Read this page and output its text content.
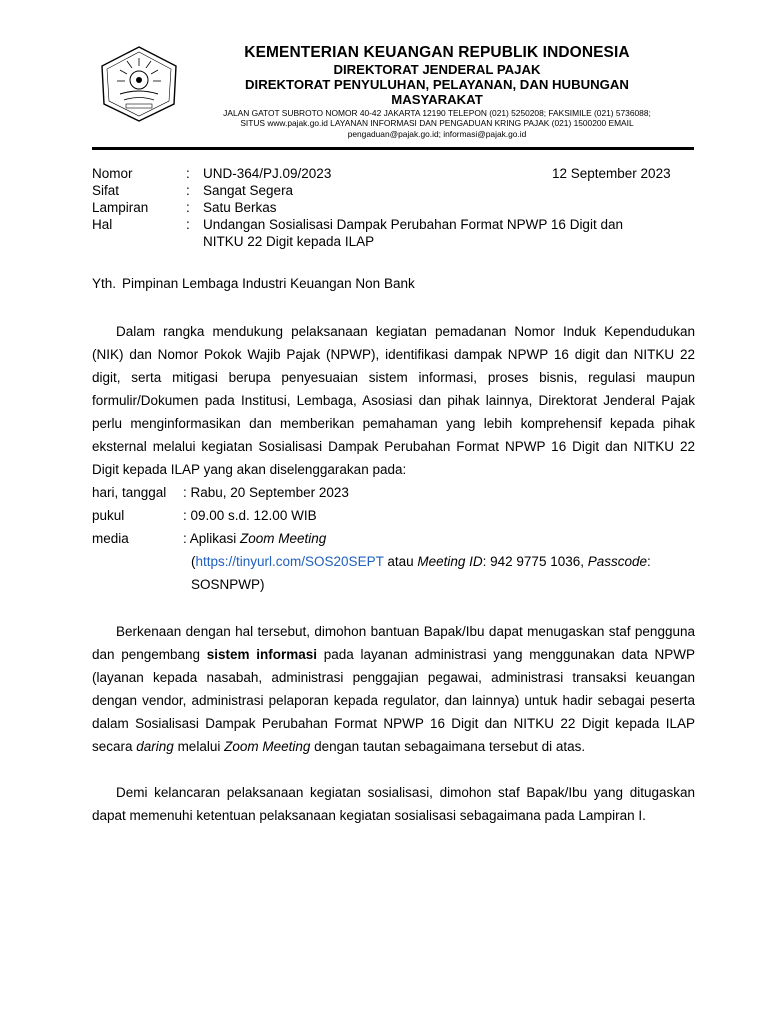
KEMENTERIAN KEUANGAN REPUBLIK INDONESIA
DIREKTORAT JENDERAL PAJAK
DIREKTORAT PENYULUHAN, PELAYANAN, DAN HUBUNGAN
MASYARAKAT
JALAN GATOT SUBROTO NOMOR 40-42 JAKARTA 12190 TELEPON (021) 5250208; FAKSIMILE (021) 5736088;
SITUS www.pajak.go.id LAYANAN INFORMASI DAN PENGADUAN KRING PAJAK (021) 1500200 EMAIL
pengaduan@pajak.go.id; informasi@pajak.go.id
Nomor	: UND-364/PJ.09/2023	12 September 2023
Sifat	: Sangat Segera
Lampiran	: Satu Berkas
Hal	: Undangan Sosialisasi Dampak Perubahan Format NPWP 16 Digit dan
NITKU 22 Digit kepada ILAP
Yth. Pimpinan Lembaga Industri Keuangan Non Bank
Dalam rangka mendukung pelaksanaan kegiatan pemadanan Nomor Induk Kependudukan (NIK) dan Nomor Pokok Wajib Pajak (NPWP), identifikasi dampak NPWP 16 digit dan NITKU 22 digit, serta mitigasi berupa penyesuaian sistem informasi, proses bisnis, regulasi maupun formulir/Dokumen pada Institusi, Lembaga, Asosiasi dan pihak lainnya, Direktorat Jenderal Pajak perlu menginformasikan dan memberikan pemahaman yang lebih komprehensif kepada pihak eksternal melalui kegiatan Sosialisasi Dampak Perubahan Format NPWP 16 Digit dan NITKU 22 Digit kepada ILAP yang akan diselenggarakan pada:
hari, tanggal : Rabu, 20 September 2023
pukul	: 09.00 s.d. 12.00 WIB
media	: Aplikasi Zoom Meeting
(https://tinyurl.com/SOS20SEPT atau Meeting ID: 942 9775 1036, Passcode:
SOSNPWP)
Berkenaan dengan hal tersebut, dimohon bantuan Bapak/Ibu dapat menugaskan staf pengguna dan pengembang sistem informasi pada layanan administrasi yang menggunakan data NPWP (layanan kepada nasabah, administrasi penggajian pegawai, administrasi transaksi keuangan dengan vendor, administrasi pelaporan kepada regulator, dan lainnya) untuk hadir sebagai peserta dalam Sosialisasi Dampak Perubahan Format NPWP 16 Digit dan NITKU 22 Digit kepada ILAP secara daring melalui Zoom Meeting dengan tautan sebagaimana tersebut di atas.
Demi kelancaran pelaksanaan kegiatan sosialisasi, dimohon staf Bapak/Ibu yang ditugaskan dapat memenuhi ketentuan pelaksanaan kegiatan sosialisasi sebagaimana pada Lampiran I.
